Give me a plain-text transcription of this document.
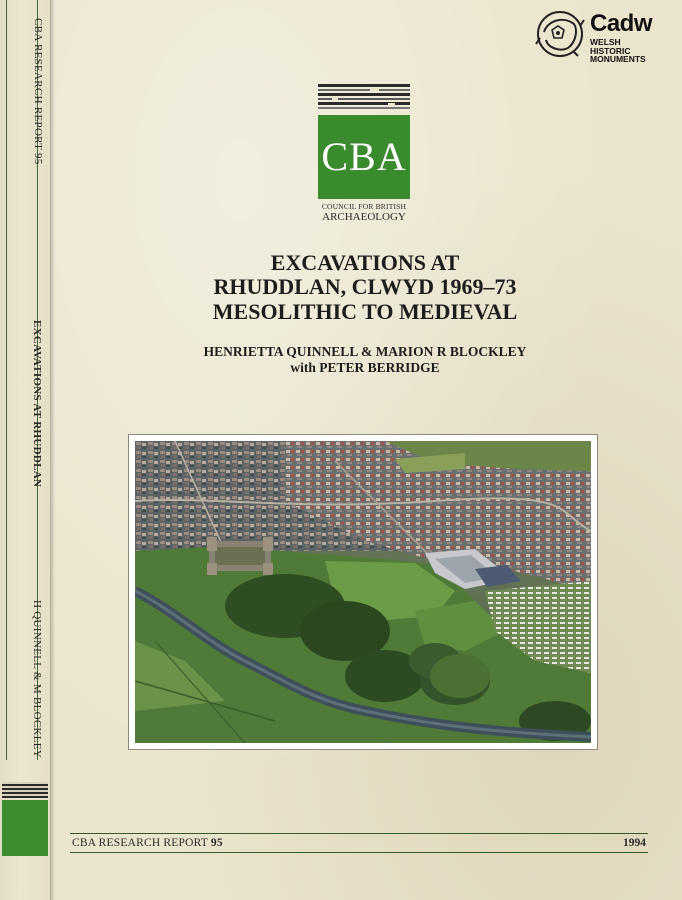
CBA RESEARCH REPORT 95
EXCAVATIONS AT RHUDDLAN
H QUINNELL & M BLOCKLEY
Cadw
WELSH
HISTORIC
MONUMENTS
CBA
COUNCIL FOR BRITISH
ARCHAEOLOGY
EXCAVATIONS AT
RHUDDLAN, CLWYD 1969–73
MESOLITHIC TO MEDIEVAL
HENRIETTA QUINNELL & MARION R BLOCKLEY
with PETER BERRIDGE
CBA RESEARCH REPORT 95	1994
